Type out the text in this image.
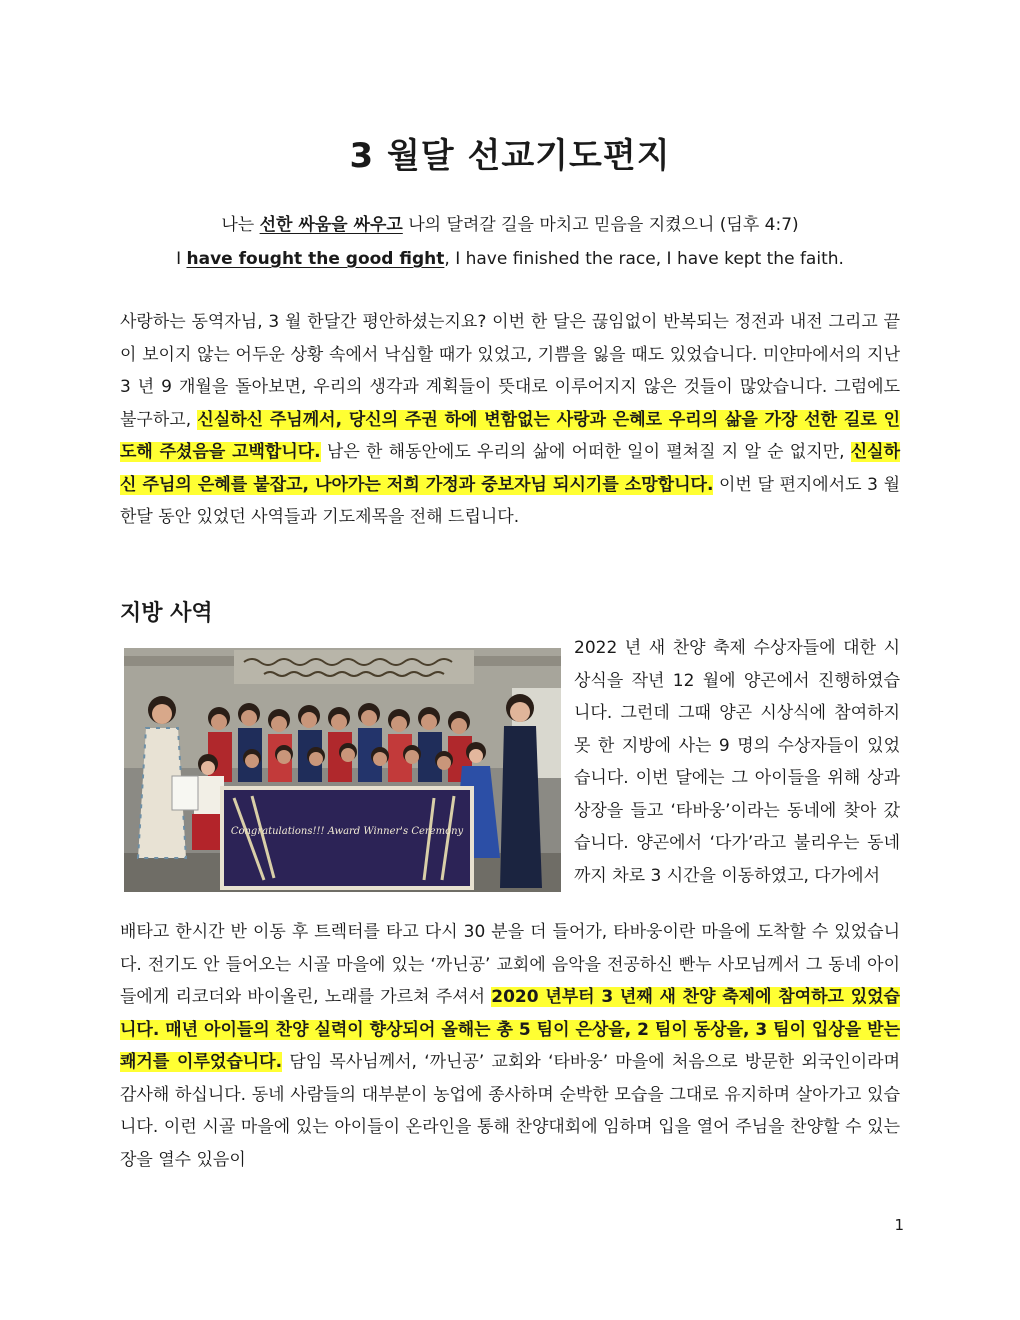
3 월달 선교기도편지
나는 선한 싸움을 싸우고 나의 달려갈 길을 마치고 믿음을 지켰으니 (딤후 4:7)
I have fought the good fight, I have finished the race, I have kept the faith.

사랑하는 동역자님, 3 월 한달간 평안하셨는지요? 이번 한 달은 끊임없이 반복되는 정전과 내전 그리고 끝이 보이지 않는 어두운 상황 속에서 낙심할 때가 있었고, 기쁨을 잃을 때도 있었습니다. 미얀마에서의 지난 3 년 9 개월을 돌아보면, 우리의 생각과 계획들이 뜻대로 이루어지지 않은 것들이 많았습니다. 그럼에도 불구하고, 신실하신 주님께서, 당신의 주권 하에 변함없는 사랑과 은혜로 우리의 삶을 가장 선한 길로 인도해 주셨음을 고백합니다. 남은 한 해동안에도 우리의 삶에 어떠한 일이 펼쳐질 지 알 순 없지만, 신실하신 주님의 은혜를 붙잡고, 나아가는 저희 가정과 중보자님 되시기를 소망합니다. 이번 달 편지에서도 3 월 한달 동안 있었던 사역들과 기도제목을 전해 드립니다.

지방 사역
Congratulations!!! Award Winner's Ceremony

2022 년 새 찬양 축제 수상자들에 대한 시상식을 작년 12 월에 양곤에서 진행하였습니다. 그런데 그때 양곤 시상식에 참여하지 못 한 지방에 사는 9 명의 수상자들이 있었습니다. 이번 달에는 그 아이들을 위해 상과 상장을 들고 ‘타바웅’이라는 동네에 찾아 갔습니다. 양곤에서 ‘다가’라고 불리우는 동네까지 차로 3 시간을 이동하였고, 다가에서

배타고 한시간 반 이동 후 트렉터를 타고 다시 30 분을 더 들어가, 타바웅이란 마을에 도착할 수 있었습니다. 전기도 안 들어오는 시골 마을에 있는 ‘까닌공’ 교회에 음악을 전공하신 빤누 사모님께서 그 동네 아이들에게 리코더와 바이올린, 노래를 가르쳐 주셔서 2020 년부터 3 년째 새 찬양 축제에 참여하고 있었습니다. 매년 아이들의 찬양 실력이 향상되어 올해는 총 5 팀이 은상을, 2 팀이 동상을, 3 팀이 입상을 받는 쾌거를 이루었습니다. 담임 목사님께서, ‘까닌공’ 교회와 ‘타바웅’ 마을에 처음으로 방문한 외국인이라며 감사해 하십니다. 동네 사람들의 대부분이 농업에 종사하며 순박한 모습을 그대로 유지하며 살아가고 있습니다. 이런 시골 마을에 있는 아이들이 온라인을 통해 찬양대회에 임하며 입을 열어 주님을 찬양할 수 있는 장을 열수 있음이

1
